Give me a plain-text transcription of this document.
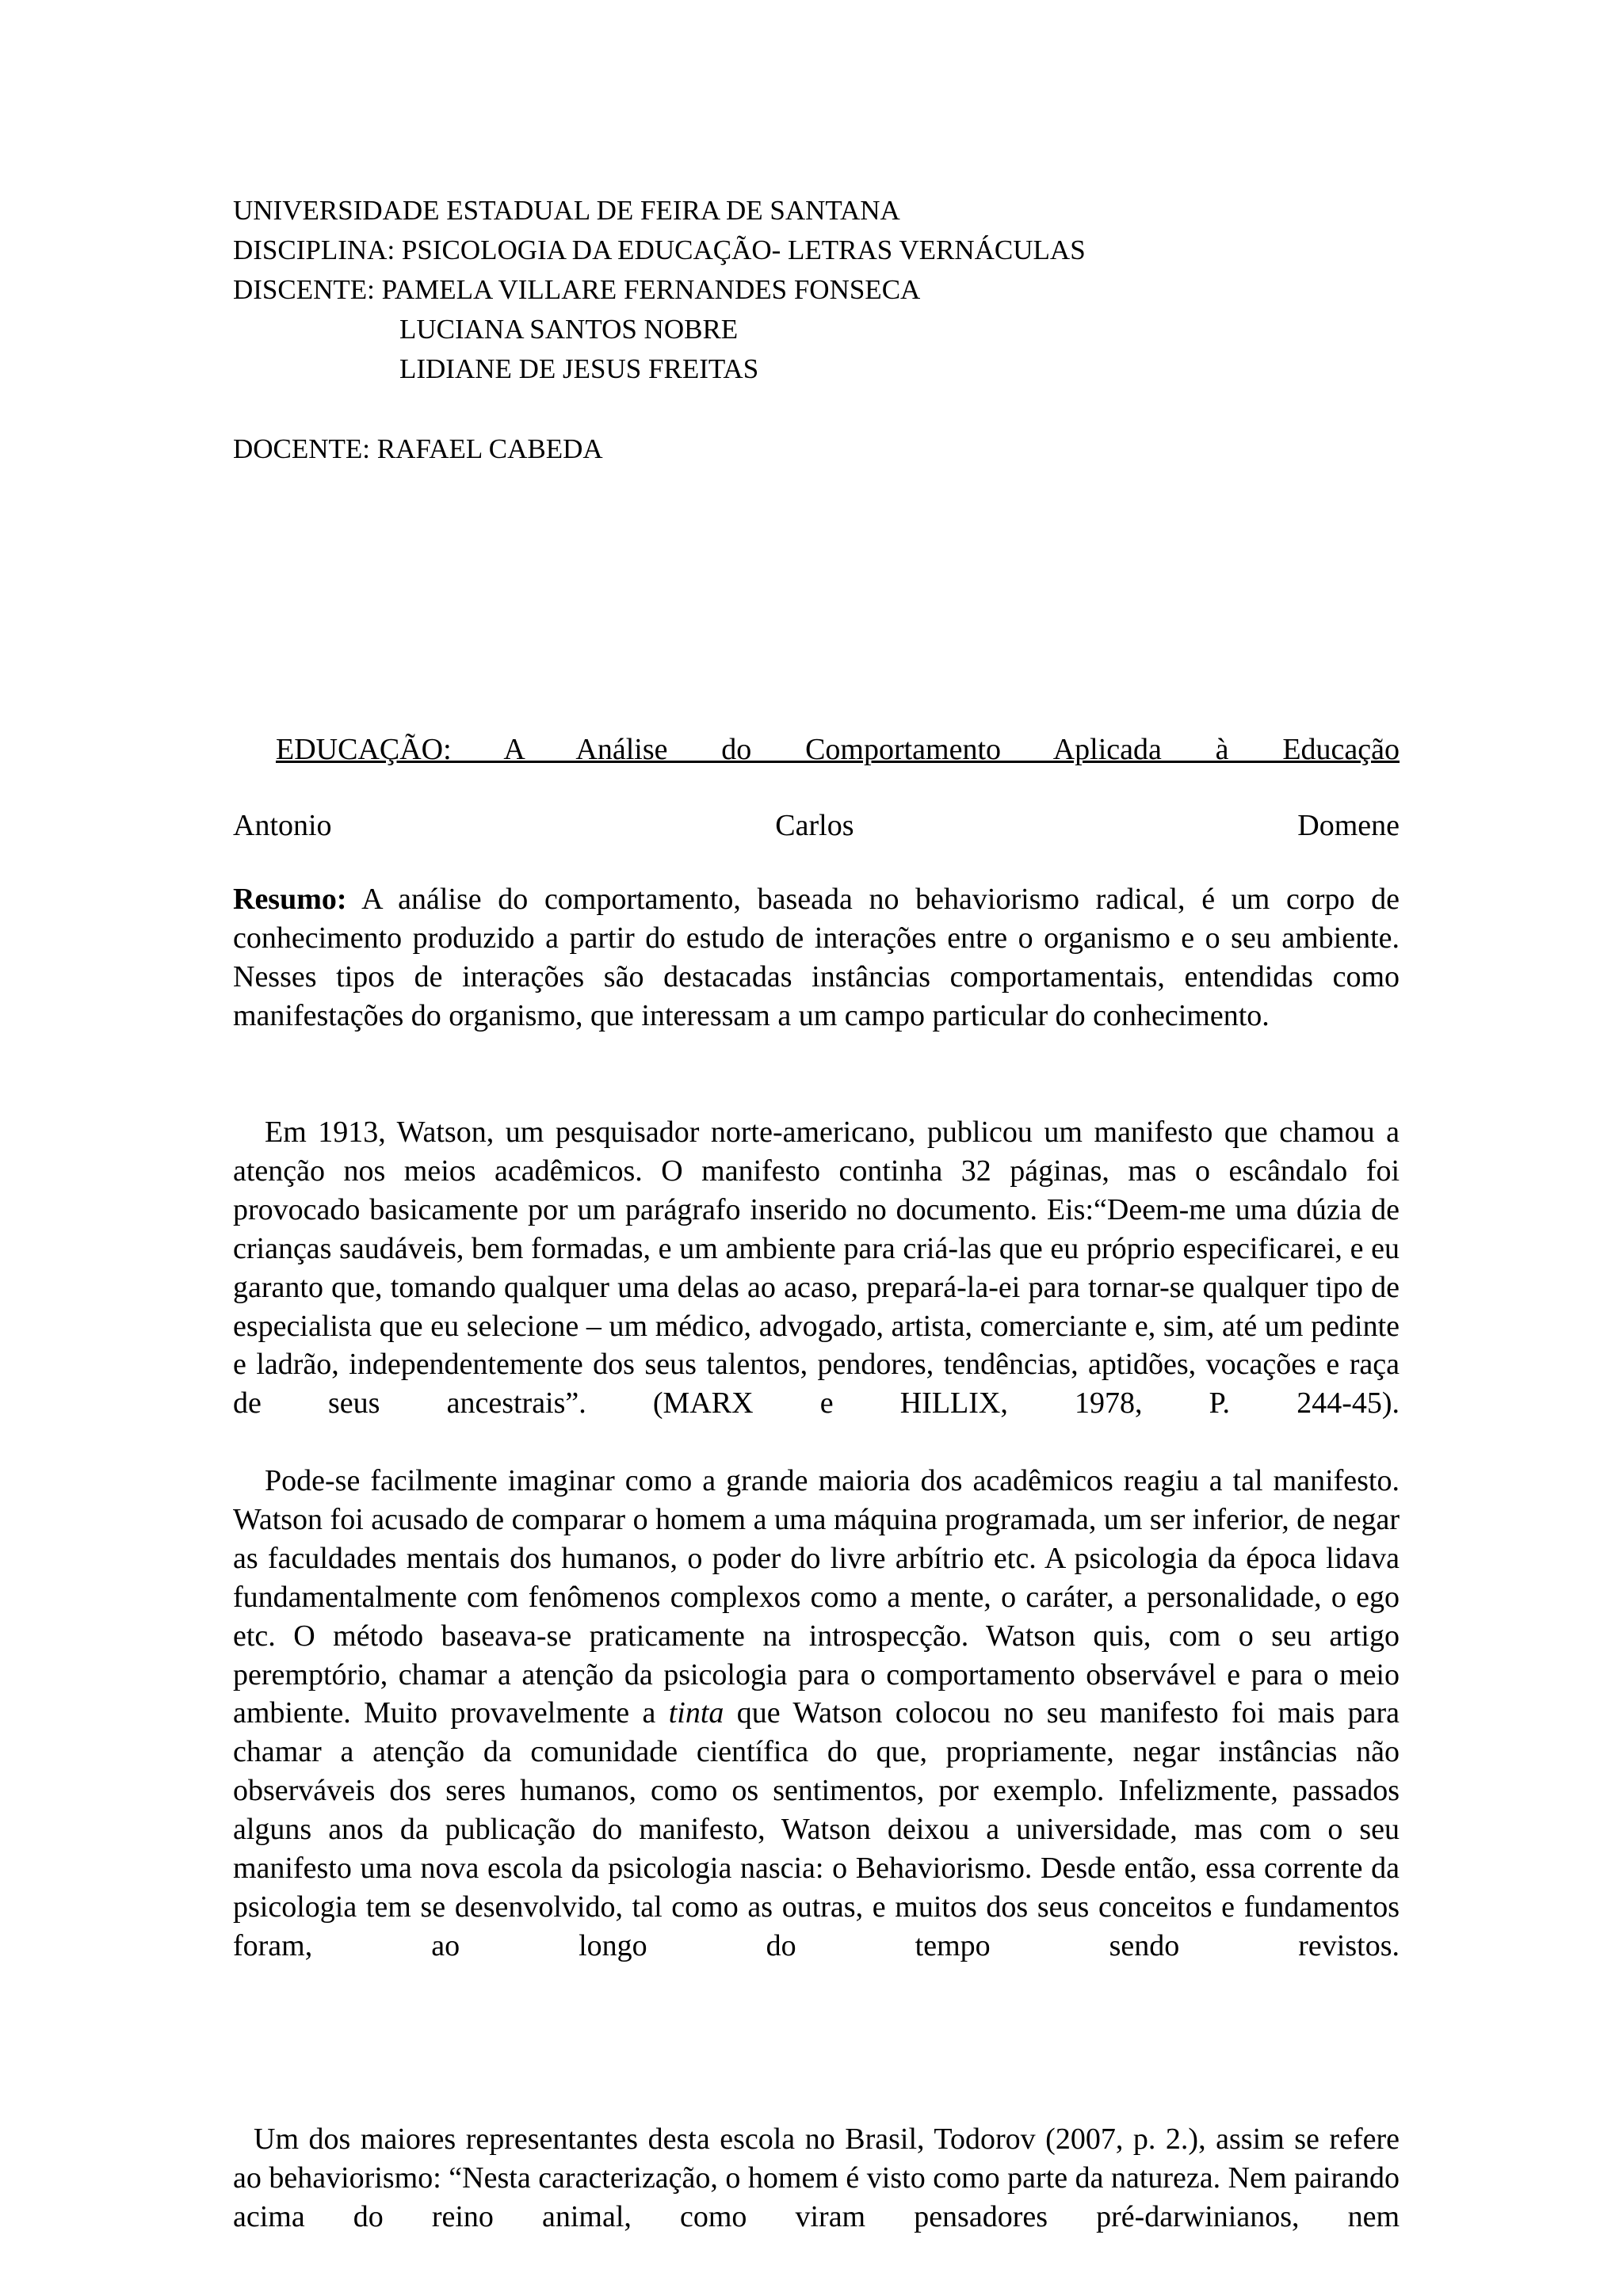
UNIVERSIDADE ESTADUAL DE FEIRA DE SANTANA

DISCIPLINA: PSICOLOGIA DA EDUCAÇÃO- LETRAS VERNÁCULAS

DISCENTE: PAMELA VILLARE FERNANDES FONSECA

LUCIANA SANTOS NOBRE

LIDIANE DE JESUS FREITAS

DOCENTE: RAFAEL CABEDA

EDUCAÇÃO: A Análise do Comportamento Aplicada à Educação
Antonio Carlos Domene

Resumo: A análise do comportamento, baseada no behaviorismo radical, é um corpo de conhecimento produzido a partir do estudo de interações entre o organismo e o seu ambiente. Nesses tipos de interações são destacadas instâncias comportamentais, entendidas como manifestações do organismo, que interessam a um campo particular do conhecimento.

Em 1913, Watson, um pesquisador norte-americano, publicou um manifesto que chamou a atenção nos meios acadêmicos. O manifesto continha 32 páginas, mas o escândalo foi provocado basicamente por um parágrafo inserido no documento. Eis:“Deem-me uma dúzia de crianças saudáveis, bem formadas, e um ambiente para criá-las que eu próprio especificarei, e eu garanto que, tomando qualquer uma delas ao acaso, prepará-la-ei para tornar-se qualquer tipo de especialista que eu selecione – um médico, advogado, artista, comerciante e, sim, até um pedinte e ladrão, independentemente dos seus talentos, pendores, tendências, aptidões, vocações e raça de seus ancestrais”. (MARX e HILLIX, 1978, P. 244-45).

Pode-se facilmente imaginar como a grande maioria dos acadêmicos reagiu a tal manifesto. Watson foi acusado de comparar o homem a uma máquina programada, um ser inferior, de negar as faculdades mentais dos humanos, o poder do livre arbítrio etc. A psicologia da época lidava fundamentalmente com fenômenos complexos como a mente, o caráter, a personalidade, o ego etc. O método baseava-se praticamente na introspecção. Watson quis, com o seu artigo peremptório, chamar a atenção da psicologia para o comportamento observável e para o meio ambiente. Muito provavelmente a tinta que Watson colocou no seu manifesto foi mais para chamar a atenção da comunidade científica do que, propriamente, negar instâncias não observáveis dos seres humanos, como os sentimentos, por exemplo. Infelizmente, passados alguns anos da publicação do manifesto, Watson deixou a universidade, mas com o seu manifesto uma nova escola da psicologia nascia: o Behaviorismo. Desde então, essa corrente da psicologia tem se desenvolvido, tal como as outras, e muitos dos seus conceitos e fundamentos foram, ao longo do tempo sendo revistos.

Um dos maiores representantes desta escola no Brasil, Todorov (2007, p. 2.), assim se refere ao behaviorismo: “Nesta caracterização, o homem é visto como parte da natureza. Nem pairando acima do reino animal, como viram pensadores pré-darwinianos, nem
